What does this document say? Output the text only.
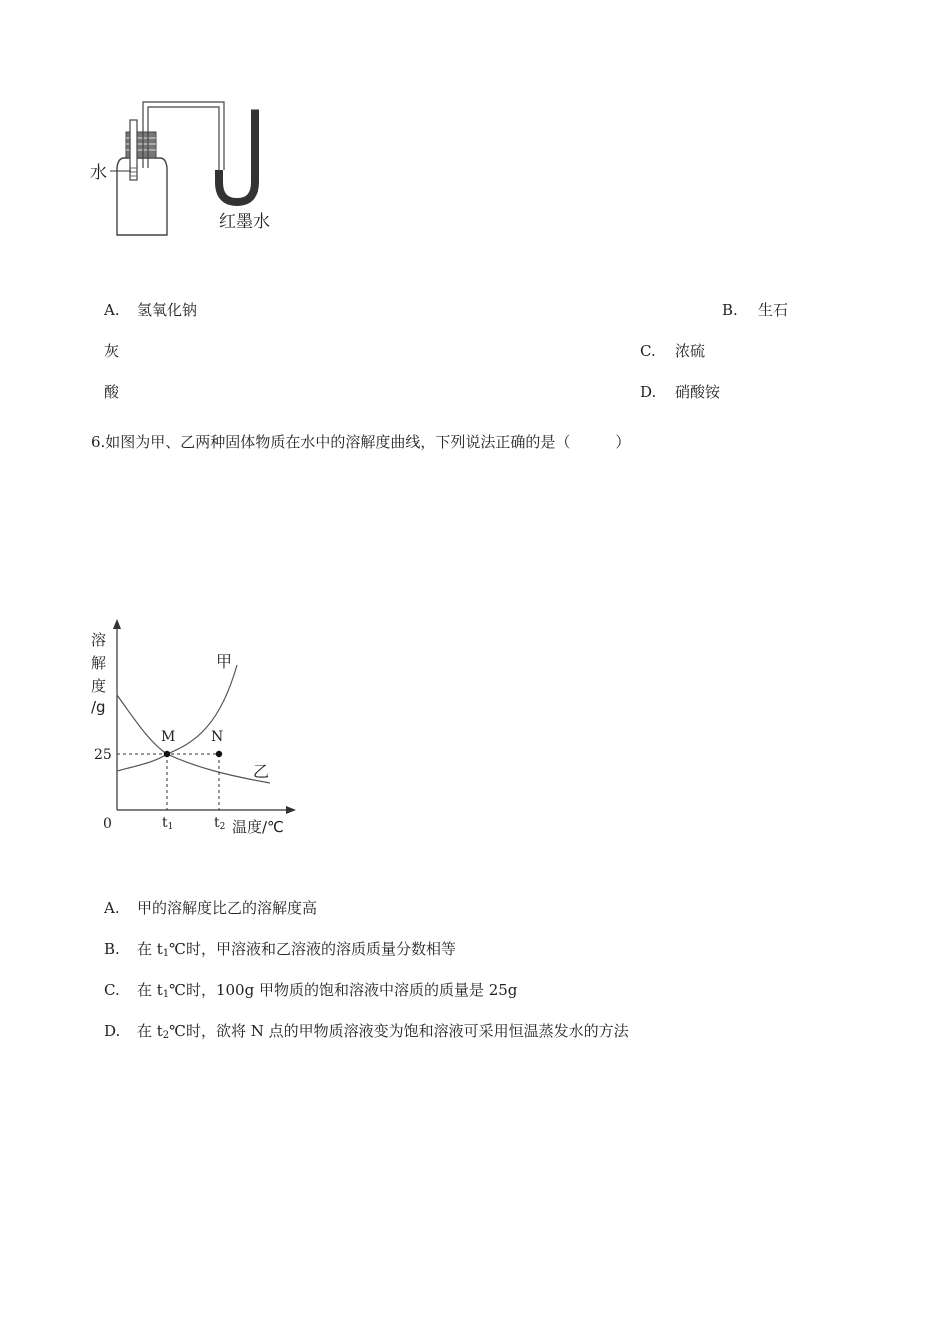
水
红墨水
A. 氢氧化钠	B. 生石
灰	C. 浓硫
酸	D. 硝酸铵
6.如图为甲、乙两种固体物质在水中的溶解度曲线，下列说法正确的是（　　　）
溶
解
度
/g
25
0	t1	t2 温度/℃
甲
乙
M	N
A. 甲的溶解度比乙的溶解度高
B. 在 $t_1℃$时，甲溶液和乙溶液的溶质质量分数相等
C. 在 $t_1℃$时，100g 甲物质的饱和溶液中溶质的质量是 25g
D. 在 $t_2℃$时，欲将 N 点的甲物质溶液变为饱和溶液可采用恒温蒸发水的方法
